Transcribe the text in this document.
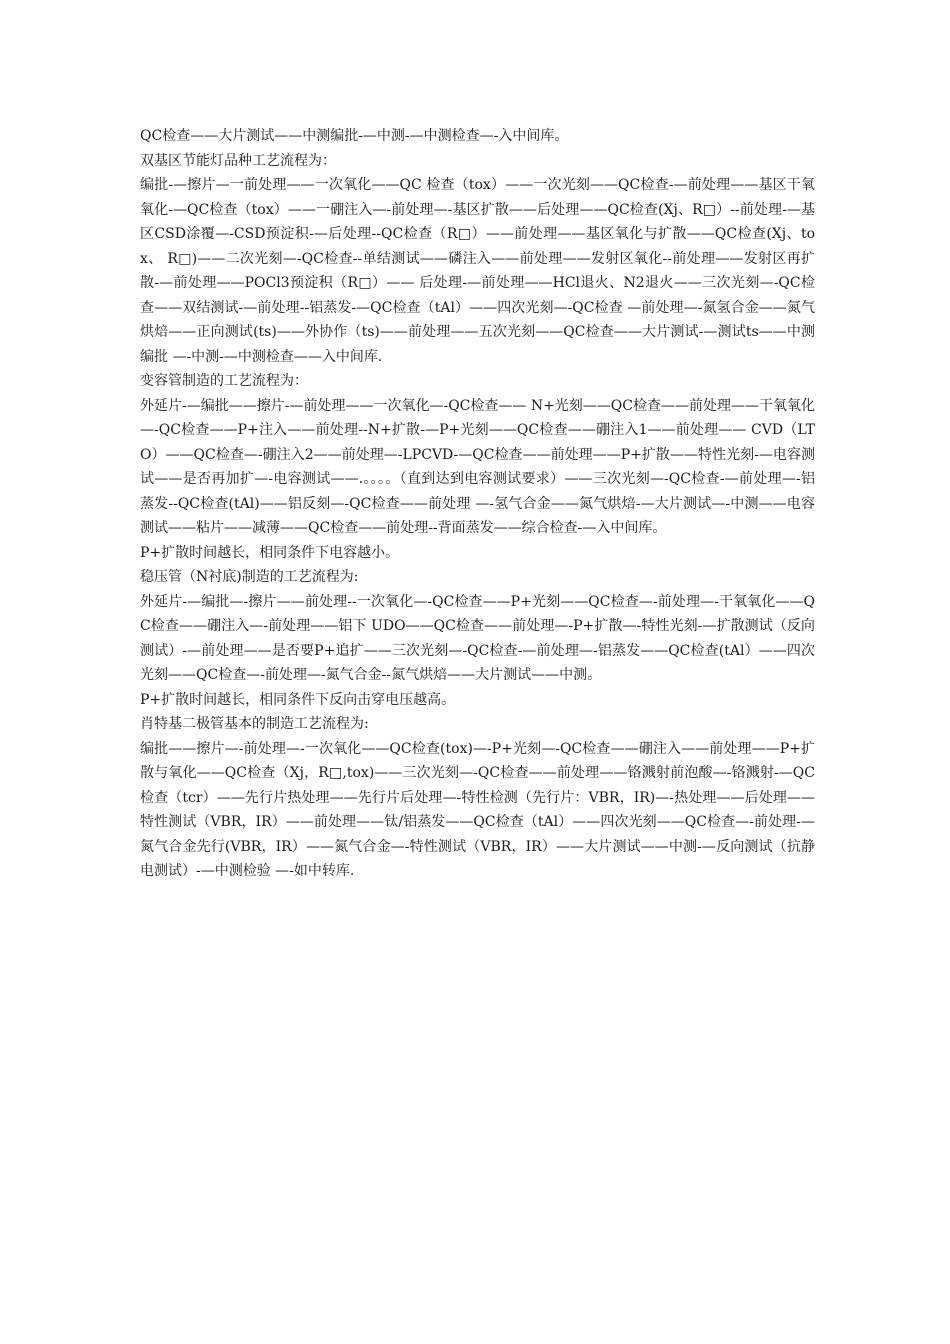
QC检查——大片测试——中测编批-—中测-—中测检查—-入中间库。

双基区节能灯品种工艺流程为：

编批-—擦片—一前处理——一次氧化——QC 检查（tox）——一次光刻——QC检查-—前处理——基区干氧氧化-—QC检查（tox）——一硼注入—-前处理—-基区扩散——后处理——QC检查(Xj、R□）--前处理-—基区CSD涂覆—-CSD预淀积-—后处理--QC检查（R□）——前处理——基区氧化与扩散——QC检查(Xj、tox、 R□)——二次光刻—-QC检查--单结测试——磷注入——前处理——发射区氧化--前处理——发射区再扩散-—前处理——POCl3预淀积（R□）—— 后处理-—前处理——HCl退火、N2退火——三次光刻—-QC检查——双结测试-—前处理--铝蒸发-—QC检查（tAl）——四次光刻—-QC检查 —前处理—-氮氢合金——氮气烘焙——正向测试(ts)——外协作（ts)——前处理——五次光刻——QC检查——大片测试-—测试ts——中测编批 —-中测-—中测检查——入中间库.

变容管制造的工艺流程为：

外延片-—编批——擦片-—前处理——一次氧化—-QC检查—— N+光刻——QC检查——前处理——干氧氧化—-QC检查——P+注入——前处理--N+扩散-—P+光刻——QC检查——硼注入1——前处理—— CVD（LTO）——QC检查—-硼注入2——前处理—-LPCVD-—QC检查——前处理——P+扩散——特性光刻-—电容测试——是否再加扩—-电容测试——.。。。。（直到达到电容测试要求）——三次光刻—-QC检查-—前处理—-铝蒸发--QC检查(tAl)——铝反刻—-QC检查——前处理 —-氢气合金——氮气烘焙-—大片测试—-中测——电容测试——粘片——减薄——QC检查——前处理--背面蒸发——综合检查-—入中间库。

P+扩散时间越长，相同条件下电容越小。

稳压管（N衬底)制造的工艺流程为:

外延片-—编批—-擦片——前处理--一次氧化—-QC检查——P+光刻——QC检查—-前处理—-干氧氧化——QC检查——硼注入—-前处理——铝下 UDO——QC检查——前处理—-P+扩散—-特性光刻-—扩散测试（反向测试）-—前处理——是否要P+追扩——三次光刻—-QC检查-—前处理—-铝蒸发——QC检查(tAl）——四次光刻——QC检查—-前处理—-氮气合金--氮气烘焙——大片测试——中测。

P+扩散时间越长，相同条件下反向击穿电压越高。

肖特基二极管基本的制造工艺流程为:

编批——擦片—-前处理—-一次氧化——QC检查(tox)—-P+光刻—-QC检查——硼注入——前处理——P+扩散与氧化——QC检查（Xj，R□,tox)——三次光刻—-QC检查——前处理——铬溅射前泡酸—-铬溅射-—QC检查（tcr）——先行片热处理——先行片后处理—-特性检测（先行片：VBR，IR)—-热处理——后处理——特性测试（VBR，IR）——前处理——钛/铝蒸发——QC检查（tAl）——四次光刻——QC检查—-前处理-—氮气合金先行(VBR，IR）——氮气合金—-特性测试（VBR，IR）——大片测试——中测-—反向测试（抗静电测试）-—中测检验 —-如中转库.
